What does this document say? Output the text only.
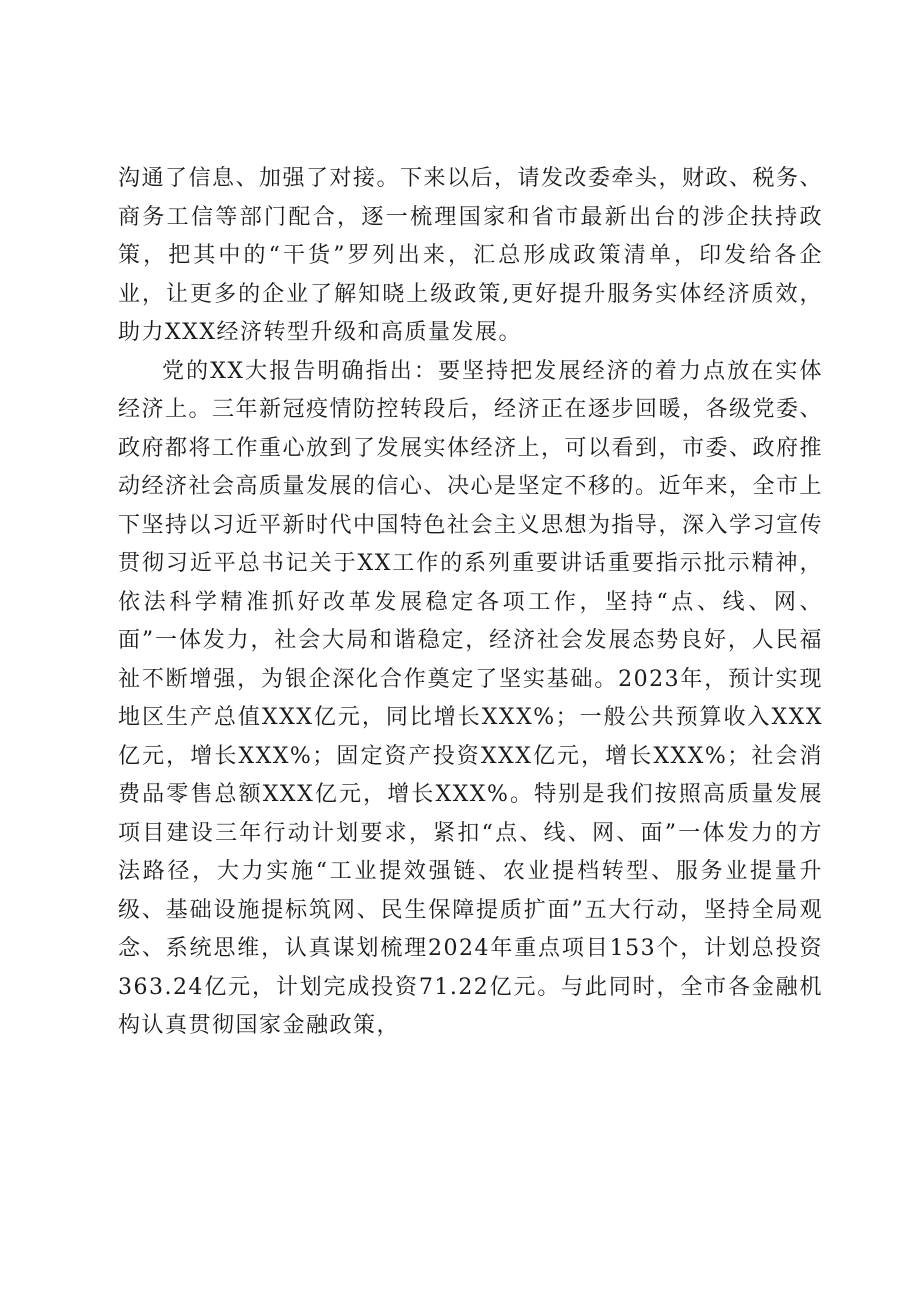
沟通了信息、加强了对接。下来以后，请发改委牵头，财政、税务、商务工信等部门配合，逐一梳理国家和省市最新出台的涉企扶持政策，把其中的“干货”罗列出来，汇总形成政策清单，印发给各企业，让更多的企业了解知晓上级政策,更好提升服务实体经济质效，助力XXX经济转型升级和高质量发展。

党的XX大报告明确指出：要坚持把发展经济的着力点放在实体经济上。三年新冠疫情防控转段后，经济正在逐步回暖，各级党委、政府都将工作重心放到了发展实体经济上，可以看到，市委、政府推动经济社会高质量发展的信心、决心是坚定不移的。近年来，全市上下坚持以习近平新时代中国特色社会主义思想为指导，深入学习宣传贯彻习近平总书记关于XX工作的系列重要讲话重要指示批示精神，依法科学精准抓好改革发展稳定各项工作，坚持“点、线、网、面”一体发力，社会大局和谐稳定，经济社会发展态势良好，人民福祉不断增强，为银企深化合作奠定了坚实基础。2023年，预计实现地区生产总值XXX亿元，同比增长XXX%；一般公共预算收入XXX亿元，增长XXX%；固定资产投资XXX亿元，增长XXX%；社会消费品零售总额XXX亿元，增长XXX%。特别是我们按照高质量发展项目建设三年行动计划要求，紧扣“点、线、网、面”一体发力的方法路径，大力实施“工业提效强链、农业提档转型、服务业提量升级、基础设施提标筑网、民生保障提质扩面”五大行动，坚持全局观念、系统思维，认真谋划梳理2024年重点项目153个，计划总投资363.24亿元，计划完成投资71.22亿元。与此同时，全市各金融机构认真贯彻国家金融政策，
